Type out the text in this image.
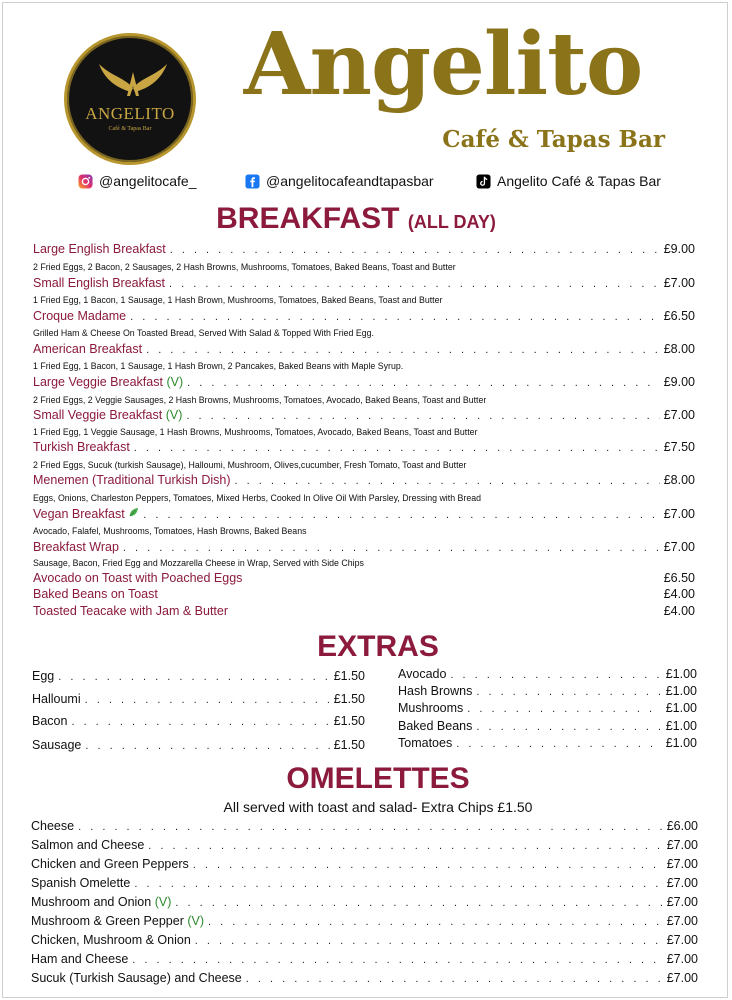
ANGELITO
Café & Tapas Bar
Angelito
Café & Tapas Bar
@angelitocafe_	@angelitocafeandtapasbar	Angelito Café & Tapas Bar
BREAKFAST (ALL DAY)
Large English Breakfast . . .	£9.00
2 Fried Eggs, 2 Bacon, 2 Sausages, 2 Hash Browns, Mushrooms, Tomatoes, Baked Beans, Toast and Butter
Small English Breakfast . . .	£7.00
1 Fried Egg, 1 Bacon, 1 Sausage, 1 Hash Brown, Mushrooms, Tomatoes, Baked Beans, Toast and Butter
Croque Madame . . .	£6.50
Grilled Ham & Cheese On Toasted Bread, Served With Salad & Topped With Fried Egg.
American Breakfast . . .	£8.00
1 Fried Egg, 1 Bacon, 1 Sausage, 1 Hash Brown, 2 Pancakes, Baked Beans with Maple Syrup.
Large Veggie Breakfast (V) . . .	£9.00
2 Fried Eggs, 2 Veggie Sausages, 2 Hash Browns, Mushrooms, Tomatoes, Avocado, Baked Beans, Toast and Butter
Small Veggie Breakfast (V) . . .	£7.00
1 Fried Egg, 1 Veggie Sausage, 1 Hash Browns, Mushrooms, Tomatoes, Avocado, Baked Beans, Toast and Butter
Turkish Breakfast . . .	£7.50
2 Fried Eggs, Sucuk (turkish Sausage), Halloumi, Mushroom, Olives,cucumber, Fresh Tomato, Toast and Butter
Menemen (Traditional Turkish Dish) . . .	£8.00
Eggs, Onions, Charleston Peppers, Tomatoes, Mixed Herbs, Cooked In Olive Oil With Parsley, Dressing with Bread
Vegan Breakfast . . .	£7.00
Avocado, Falafel, Mushrooms, Tomatoes, Hash Browns, Baked Beans
Breakfast Wrap . . .	£7.00
Sausage, Bacon, Fried Egg and Mozzarella Cheese in Wrap, Served with Side Chips
Avocado on Toast with Poached Eggs	£6.50
Baked Beans on Toast	£4.00
Toasted Teacake with Jam & Butter	£4.00
EXTRAS
Egg . . .	£1.50
Halloumi . . .	£1.50
Bacon . . .	£1.50
Sausage . . .	£1.50
Avocado . . .	£1.00
Hash Browns . . .	£1.00
Mushrooms . . .	£1.00
Baked Beans . . .	£1.00
Tomatoes . . .	£1.00
OMELETTES
All served with toast and salad- Extra Chips £1.50
Cheese . . .	£6.00
Salmon and Cheese . . .	£7.00
Chicken and Green Peppers . . .	£7.00
Spanish Omelette . . .	£7.00
Mushroom and Onion (V) . . .	£7.00
Mushroom & Green Pepper (V) . . .	£7.00
Chicken, Mushroom & Onion . . .	£7.00
Ham and Cheese . . .	£7.00
Sucuk (Turkish Sausage) and Cheese . . .	£7.00
